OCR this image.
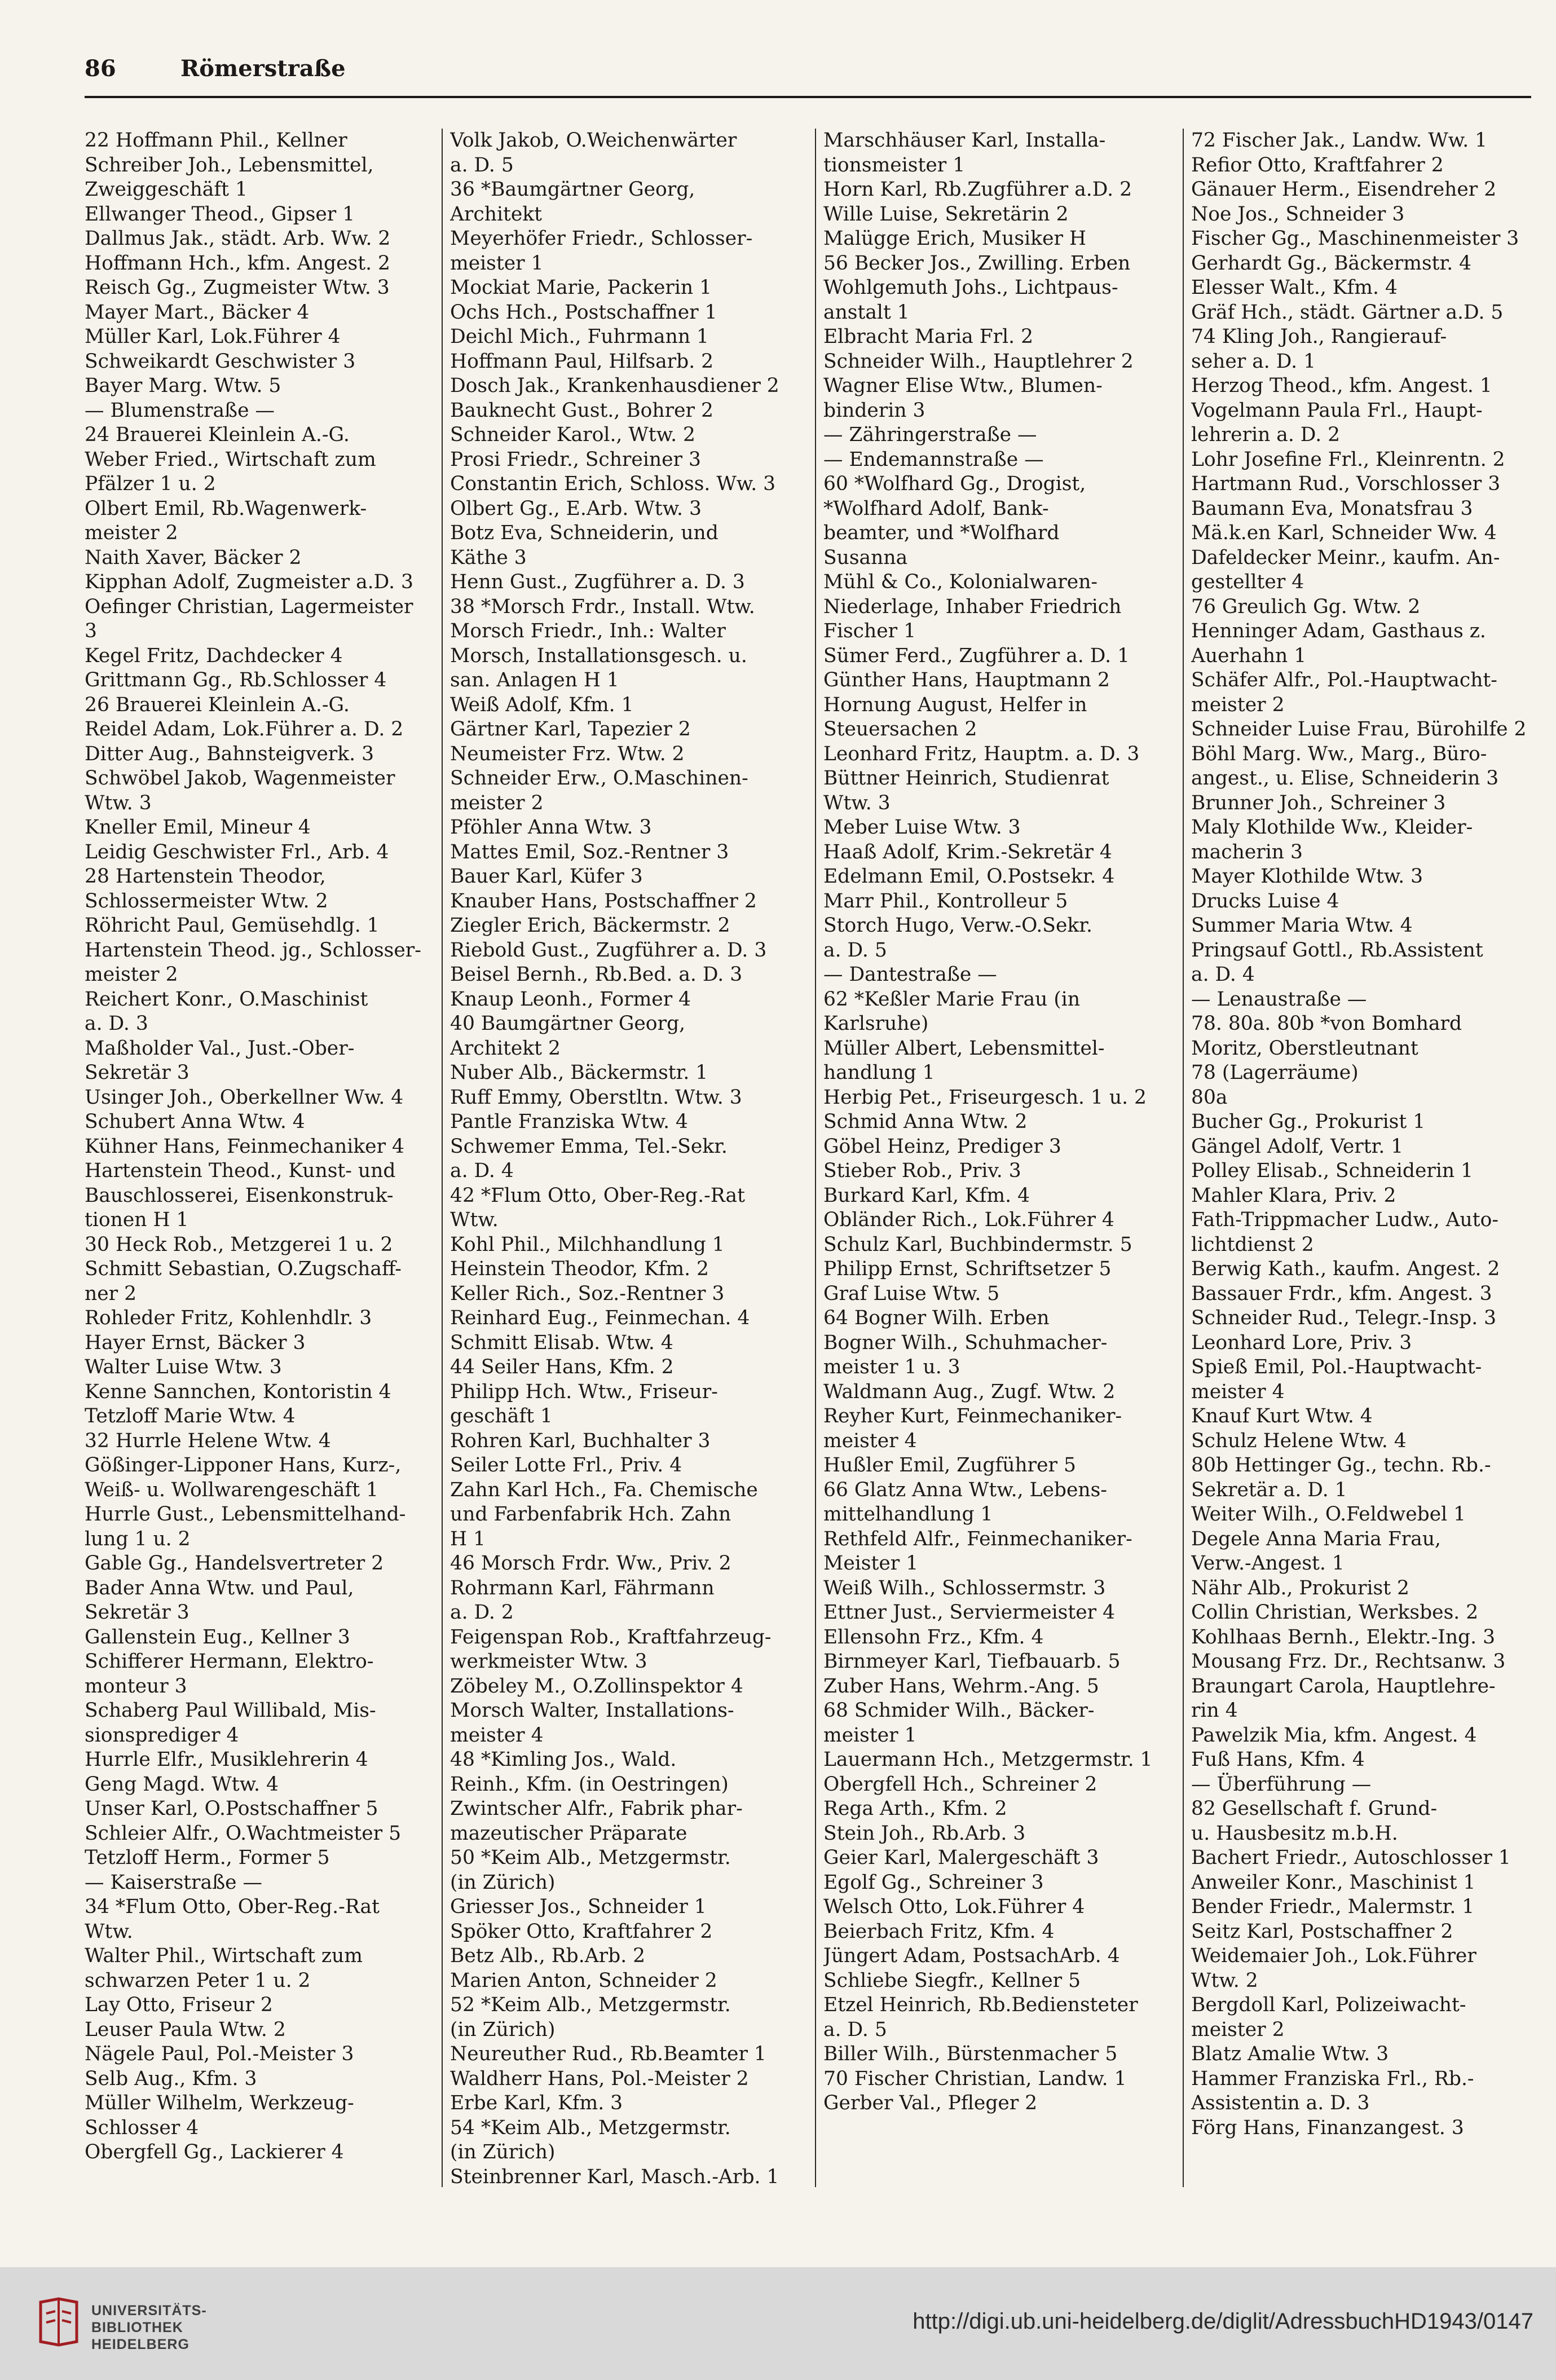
86	Römerstraße
22 Hoffmann Phil., Kellner
Schreiber Joh., Lebensmittel,
Zweiggeschäft 1
Ellwanger Theod., Gipser 1
Dallmus Jak., städt. Arb. Ww. 2
Hoffmann Hch., kfm. Angest. 2
Reisch Gg., Zugmeister Wtw. 3
Mayer Mart., Bäcker 4
Müller Karl, Lok.Führer 4
Schweikardt Geschwister 3
Bayer Marg. Wtw. 5
— Blumenstraße —
24 Brauerei Kleinlein A.-G.
Weber Fried., Wirtschaft zum
Pfälzer 1 u. 2
Olbert Emil, Rb.Wagenwerk-
meister 2
Naith Xaver, Bäcker 2
Kipphan Adolf, Zugmeister a.D. 3
Oefinger Christian, Lagermeister
3
Kegel Fritz, Dachdecker 4
Grittmann Gg., Rb.Schlosser 4
26 Brauerei Kleinlein A.-G.
Reidel Adam, Lok.Führer a. D. 2
Ditter Aug., Bahnsteigverk. 3
Schwöbel Jakob, Wagenmeister
Wtw. 3
Kneller Emil, Mineur 4
Leidig Geschwister Frl., Arb. 4
28 Hartenstein Theodor,
Schlossermeister Wtw. 2
Röhricht Paul, Gemüsehdlg. 1
Hartenstein Theod. jg., Schlosser-
meister 2
Reichert Konr., O.Maschinist
a. D. 3
Maßholder Val., Just.-Ober-
Sekretär 3
Usinger Joh., Oberkellner Ww. 4
Schubert Anna Wtw. 4
Kühner Hans, Feinmechaniker 4
Hartenstein Theod., Kunst- und
Bauschlosserei, Eisenkonstruk-
tionen H 1
30 Heck Rob., Metzgerei 1 u. 2
Schmitt Sebastian, O.Zugschaff-
ner 2
Rohleder Fritz, Kohlenhdlr. 3
Hayer Ernst, Bäcker 3
Walter Luise Wtw. 3
Kenne Sannchen, Kontoristin 4
Tetzloff Marie Wtw. 4
32 Hurrle Helene Wtw. 4
Gößinger-Lipponer Hans, Kurz-,
Weiß- u. Wollwarengeschäft 1
Hurrle Gust., Lebensmittelhand-
lung 1 u. 2
Gable Gg., Handelsvertreter 2
Bader Anna Wtw. und Paul,
Sekretär 3
Gallenstein Eug., Kellner 3
Schifferer Hermann, Elektro-
monteur 3
Schaberg Paul Willibald, Mis-
sionsprediger 4
Hurrle Elfr., Musiklehrerin 4
Geng Magd. Wtw. 4
Unser Karl, O.Postschaffner 5
Schleier Alfr., O.Wachtmeister 5
Tetzloff Herm., Former 5
— Kaiserstraße —
34 *Flum Otto, Ober-Reg.-Rat
Wtw.
Walter Phil., Wirtschaft zum
schwarzen Peter 1 u. 2
Lay Otto, Friseur 2
Leuser Paula Wtw. 2
Nägele Paul, Pol.-Meister 3
Selb Aug., Kfm. 3
Müller Wilhelm, Werkzeug-
Schlosser 4
Obergfell Gg., Lackierer 4
Volk Jakob, O.Weichenwärter
a. D. 5
36 *Baumgärtner Georg,
Architekt
Meyerhöfer Friedr., Schlosser-
meister 1
Mockiat Marie, Packerin 1
Ochs Hch., Postschaffner 1
Deichl Mich., Fuhrmann 1
Hoffmann Paul, Hilfsarb. 2
Dosch Jak., Krankenhausdiener 2
Bauknecht Gust., Bohrer 2
Schneider Karol., Wtw. 2
Prosi Friedr., Schreiner 3
Constantin Erich, Schloss. Ww. 3
Olbert Gg., E.Arb. Wtw. 3
Botz Eva, Schneiderin, und
Käthe 3
Henn Gust., Zugführer a. D. 3
38 *Morsch Frdr., Install. Wtw.
Morsch Friedr., Inh.: Walter
Morsch, Installationsgesch. u.
san. Anlagen H 1
Weiß Adolf, Kfm. 1
Gärtner Karl, Tapezier 2
Neumeister Frz. Wtw. 2
Schneider Erw., O.Maschinen-
meister 2
Pföhler Anna Wtw. 3
Mattes Emil, Soz.-Rentner 3
Bauer Karl, Küfer 3
Knauber Hans, Postschaffner 2
Ziegler Erich, Bäckermstr. 2
Riebold Gust., Zugführer a. D. 3
Beisel Bernh., Rb.Bed. a. D. 3
Knaup Leonh., Former 4
40 Baumgärtner Georg,
Architekt 2
Nuber Alb., Bäckermstr. 1
Ruff Emmy, Oberstltn. Wtw. 3
Pantle Franziska Wtw. 4
Schwemer Emma, Tel.-Sekr.
a. D. 4
42 *Flum Otto, Ober-Reg.-Rat
Wtw.
Kohl Phil., Milchhandlung 1
Heinstein Theodor, Kfm. 2
Keller Rich., Soz.-Rentner 3
Reinhard Eug., Feinmechan. 4
Schmitt Elisab. Wtw. 4
44 Seiler Hans, Kfm. 2
Philipp Hch. Wtw., Friseur-
geschäft 1
Rohren Karl, Buchhalter 3
Seiler Lotte Frl., Priv. 4
Zahn Karl Hch., Fa. Chemische
und Farbenfabrik Hch. Zahn
H 1
46 Morsch Frdr. Ww., Priv. 2
Rohrmann Karl, Fährmann
a. D. 2
Feigenspan Rob., Kraftfahrzeug-
werkmeister Wtw. 3
Zöbeley M., O.Zollinspektor 4
Morsch Walter, Installations-
meister 4
48 *Kimling Jos., Wald.
Reinh., Kfm. (in Oestringen)
Zwintscher Alfr., Fabrik phar-
mazeutischer Präparate
50 *Keim Alb., Metzgermstr.
(in Zürich)
Griesser Jos., Schneider 1
Spöker Otto, Kraftfahrer 2
Betz Alb., Rb.Arb. 2
Marien Anton, Schneider 2
52 *Keim Alb., Metzgermstr.
(in Zürich)
Neureuther Rud., Rb.Beamter 1
Waldherr Hans, Pol.-Meister 2
Erbe Karl, Kfm. 3
54 *Keim Alb., Metzgermstr.
(in Zürich)
Steinbrenner Karl, Masch.-Arb. 1
Marschhäuser Karl, Installa-
tionsmeister 1
Horn Karl, Rb.Zugführer a.D. 2
Wille Luise, Sekretärin 2
Malügge Erich, Musiker H
56 Becker Jos., Zwilling. Erben
Wohlgemuth Johs., Lichtpaus-
anstalt 1
Elbracht Maria Frl. 2
Schneider Wilh., Hauptlehrer 2
Wagner Elise Wtw., Blumen-
binderin 3
— Zähringerstraße —
— Endemannstraße —
60 *Wolfhard Gg., Drogist,
*Wolfhard Adolf, Bank-
beamter, und *Wolfhard
Susanna
Mühl & Co., Kolonialwaren-
Niederlage, Inhaber Friedrich
Fischer 1
Sümer Ferd., Zugführer a. D. 1
Günther Hans, Hauptmann 2
Hornung August, Helfer in
Steuersachen 2
Leonhard Fritz, Hauptm. a. D. 3
Büttner Heinrich, Studienrat
Wtw. 3
Meber Luise Wtw. 3
Haaß Adolf, Krim.-Sekretär 4
Edelmann Emil, O.Postsekr. 4
Marr Phil., Kontrolleur 5
Storch Hugo, Verw.-O.Sekr.
a. D. 5
— Dantestraße —
62 *Keßler Marie Frau (in
Karlsruhe)
Müller Albert, Lebensmittel-
handlung 1
Herbig Pet., Friseurgesch. 1 u. 2
Schmid Anna Wtw. 2
Göbel Heinz, Prediger 3
Stieber Rob., Priv. 3
Burkard Karl, Kfm. 4
Obländer Rich., Lok.Führer 4
Schulz Karl, Buchbindermstr. 5
Philipp Ernst, Schriftsetzer 5
Graf Luise Wtw. 5
64 Bogner Wilh. Erben
Bogner Wilh., Schuhmacher-
meister 1 u. 3
Waldmann Aug., Zugf. Wtw. 2
Reyher Kurt, Feinmechaniker-
meister 4
Hußler Emil, Zugführer 5
66 Glatz Anna Wtw., Lebens-
mittelhandlung 1
Rethfeld Alfr., Feinmechaniker-
Meister 1
Weiß Wilh., Schlossermstr. 3
Ettner Just., Serviermeister 4
Ellensohn Frz., Kfm. 4
Birnmeyer Karl, Tiefbauarb. 5
Zuber Hans, Wehrm.-Ang. 5
68 Schmider Wilh., Bäcker-
meister 1
Lauermann Hch., Metzgermstr. 1
Obergfell Hch., Schreiner 2
Rega Arth., Kfm. 2
Stein Joh., Rb.Arb. 3
Geier Karl, Malergeschäft 3
Egolf Gg., Schreiner 3
Welsch Otto, Lok.Führer 4
Beierbach Fritz, Kfm. 4
Jüngert Adam, PostsachArb. 4
Schliebe Siegfr., Kellner 5
Etzel Heinrich, Rb.Bediensteter
a. D. 5
Biller Wilh., Bürstenmacher 5
70 Fischer Christian, Landw. 1
Gerber Val., Pfleger 2
72 Fischer Jak., Landw. Ww. 1
Refior Otto, Kraftfahrer 2
Gänauer Herm., Eisendreher 2
Noe Jos., Schneider 3
Fischer Gg., Maschinenmeister 3
Gerhardt Gg., Bäckermstr. 4
Elesser Walt., Kfm. 4
Gräf Hch., städt. Gärtner a.D. 5
74 Kling Joh., Rangierauf-
seher a. D. 1
Herzog Theod., kfm. Angest. 1
Vogelmann Paula Frl., Haupt-
lehrerin a. D. 2
Lohr Josefine Frl., Kleinrentn. 2
Hartmann Rud., Vorschlosser 3
Baumann Eva, Monatsfrau 3
Mä.k.en Karl, Schneider Ww. 4
Dafeldecker Meinr., kaufm. An-
gestellter 4
76 Greulich Gg. Wtw. 2
Henninger Adam, Gasthaus z.
Auerhahn 1
Schäfer Alfr., Pol.-Hauptwacht-
meister 2
Schneider Luise Frau, Bürohilfe 2
Böhl Marg. Ww., Marg., Büro-
angest., u. Elise, Schneiderin 3
Brunner Joh., Schreiner 3
Maly Klothilde Ww., Kleider-
macherin 3
Mayer Klothilde Wtw. 3
Drucks Luise 4
Summer Maria Wtw. 4
Pringsauf Gottl., Rb.Assistent
a. D. 4
— Lenaustraße —
78. 80a. 80b *von Bomhard
Moritz, Oberstleutnant
78 (Lagerräume)
80a
Bucher Gg., Prokurist 1
Gängel Adolf, Vertr. 1
Polley Elisab., Schneiderin 1
Mahler Klara, Priv. 2
Fath-Trippmacher Ludw., Auto-
lichtdienst 2
Berwig Kath., kaufm. Angest. 2
Bassauer Frdr., kfm. Angest. 3
Schneider Rud., Telegr.-Insp. 3
Leonhard Lore, Priv. 3
Spieß Emil, Pol.-Hauptwacht-
meister 4
Knauf Kurt Wtw. 4
Schulz Helene Wtw. 4
80b Hettinger Gg., techn. Rb.-
Sekretär a. D. 1
Weiter Wilh., O.Feldwebel 1
Degele Anna Maria Frau,
Verw.-Angest. 1
Nähr Alb., Prokurist 2
Collin Christian, Werksbes. 2
Kohlhaas Bernh., Elektr.-Ing. 3
Mousang Frz. Dr., Rechtsanw. 3
Braungart Carola, Hauptlehre-
rin 4
Pawelzik Mia, kfm. Angest. 4
Fuß Hans, Kfm. 4
— Überführung —
82 Gesellschaft f. Grund-
u. Hausbesitz m.b.H.
Bachert Friedr., Autoschlosser 1
Anweiler Konr., Maschinist 1
Bender Friedr., Malermstr. 1
Seitz Karl, Postschaffner 2
Weidemaier Joh., Lok.Führer
Wtw. 2
Bergdoll Karl, Polizeiwacht-
meister 2
Blatz Amalie Wtw. 3
Hammer Franziska Frl., Rb.-
Assistentin a. D. 3
Förg Hans, Finanzangest. 3
UNIVERSITÄTS-
BIBLIOTHEK
HEIDELBERG
http://digi.ub.uni-heidelberg.de/diglit/AdressbuchHD1943/0147
